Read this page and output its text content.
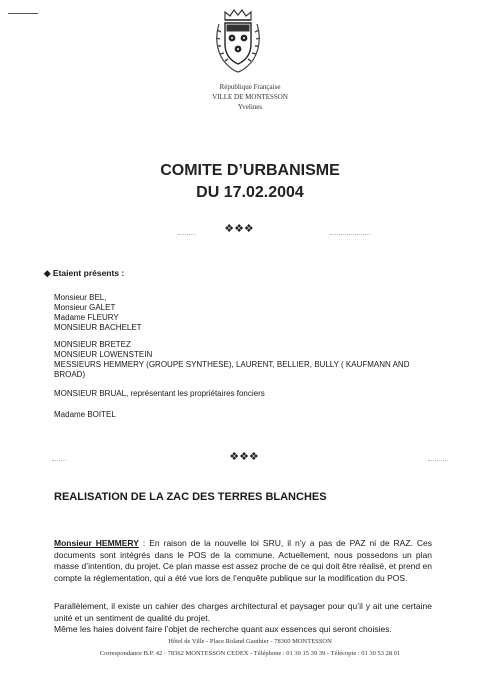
République Française
VILLE DE MONTESSON
Yvelines
COMITE D’URBANISME
DU 17.02.2004
❖❖❖
◆ Etaient présents :
Monsieur BEL,
Monsieur GALET
Madame FLEURY
MONSIEUR BACHELET
MONSIEUR BRETEZ
MONSIEUR LOWENSTEIN
MESSIEURS HEMMERY (GROUPE SYNTHESE), LAURENT, BELLIER, BULLY ( KAUFMANN AND
BROAD)
MONSIEUR BRUAL, représentant les propriétaires fonciers
Madame BOITEL
❖❖❖
REALISATION DE LA ZAC DES TERRES BLANCHES
Monsieur HEMMERY : En raison de la nouvelle loi SRU, il n’y a pas de PAZ ni de RAZ. Ces documents sont intégrés dans le POS de la commune. Actuellement, nous possedons un plan masse d’intention, du projet. Ce plan masse est assez proche de ce qui doit être réalisé, et prend en compte la réglementation, qui a été vue lors de l’enquête publique sur la modification du POS.
Parallèlement, il existe un cahier des charges architectural et paysager pour qu’il y ait une certaine unité et un sentiment de qualité du projet.
Même les haies doivent faire l’objet de recherche quant aux essences qui seront choisies.
Hôtel de Ville - Place Roland Gauthier - 78360 MONTESSON
Correspondance B.P. 42 · 78362 MONTESSON CEDEX - Téléphone : 01 30 15 39 39 - Télécopie : 01 30 53 28 01
